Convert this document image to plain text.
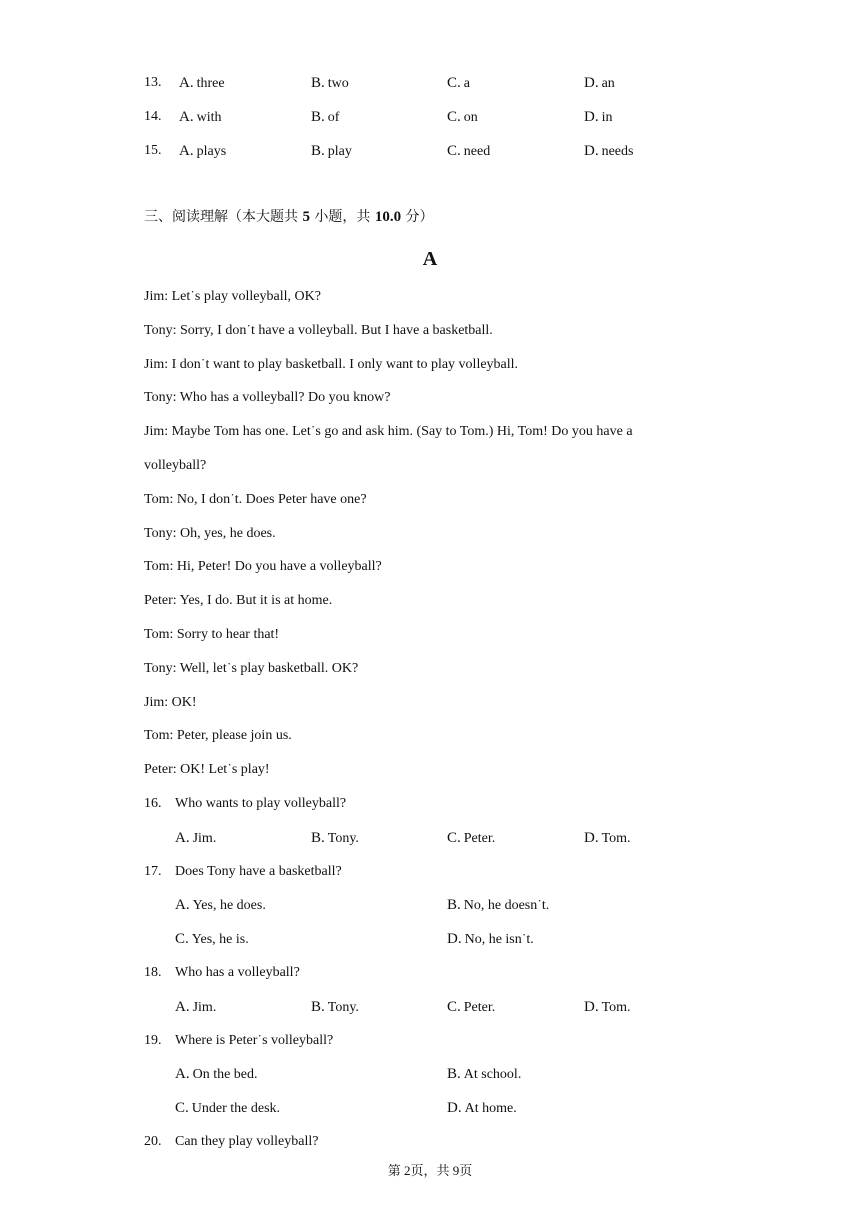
13. A. three	B. two	C. a	D. an
14. A. with	B. of	C. on	D. in
15. A. plays	B. play	C. need	D. needs
三、阅读理解（本大题共 5 小题，共 10.0 分）
A
Jim: Let˙s play volleyball, OK?
Tony: Sorry, I don˙t have a volleyball. But I have a basketball.
Jim: I don˙t want to play basketball. I only want to play volleyball.
Tony: Who has a volleyball? Do you know?
Jim: Maybe Tom has one. Let˙s go and ask him. (Say to Tom.) Hi, Tom! Do you have a
volleyball?
Tom: No, I don˙t. Does Peter have one?
Tony: Oh, yes, he does.
Tom: Hi, Peter! Do you have a volleyball?
Peter: Yes, I do. But it is at home.
Tom: Sorry to hear that!
Tony: Well, let˙s play basketball. OK?
Jim: OK!
Tom: Peter, please join us.
Peter: OK! Let˙s play!
16. Who wants to play volleyball?
A. Jim.	B. Tony.	C. Peter.	D. Tom.
17. Does Tony have a basketball?
A. Yes, he does.	B. No, he doesn˙t.
C. Yes, he is.	D. No, he isn˙t.
18. Who has a volleyball?
A. Jim.	B. Tony.	C. Peter.	D. Tom.
19. Where is Peter˙s volleyball?
A. On the bed.	B. At school.
C. Under the desk.	D. At home.
20. Can they play volleyball?
第 2页，共 9页
